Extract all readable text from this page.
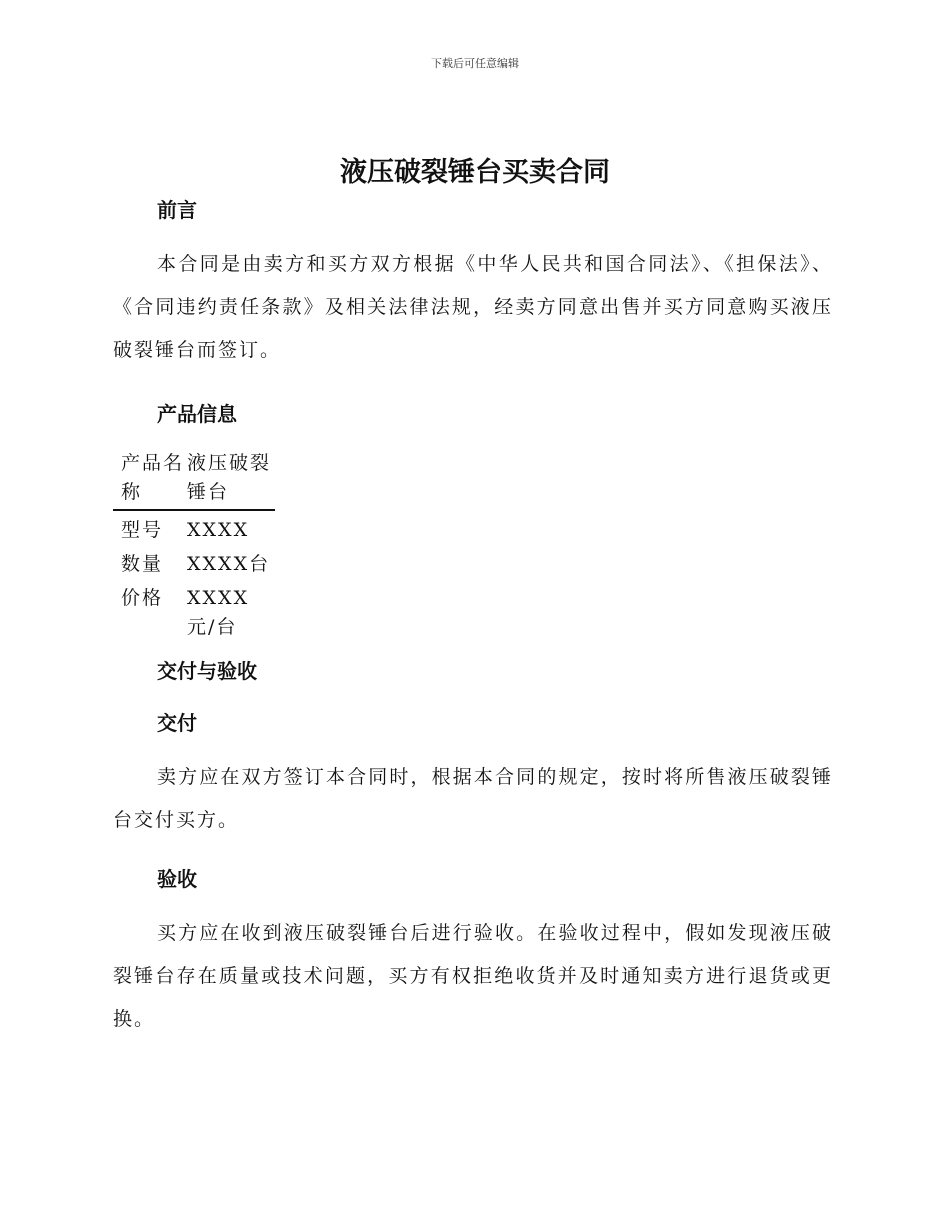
下载后可任意编辑
液压破裂锤台买卖合同
前言

本合同是由卖方和买方双方根据《中华人民共和国合同法》、《担保法》、《合同违约责任条款》及相关法律法规，经卖方同意出售并买方同意购买液压破裂锤台而签订。

产品信息
产品名称	液压破裂锤台
型号	XXXX
数量	XXXX台
价格	XXXX元/台
交付与验收
交付

卖方应在双方签订本合同时，根据本合同的规定，按时将所售液压破裂锤台交付买方。

验收

买方应在收到液压破裂锤台后进行验收。在验收过程中，假如发现液压破裂锤台存在质量或技术问题，买方有权拒绝收货并及时通知卖方进行退货或更换。
